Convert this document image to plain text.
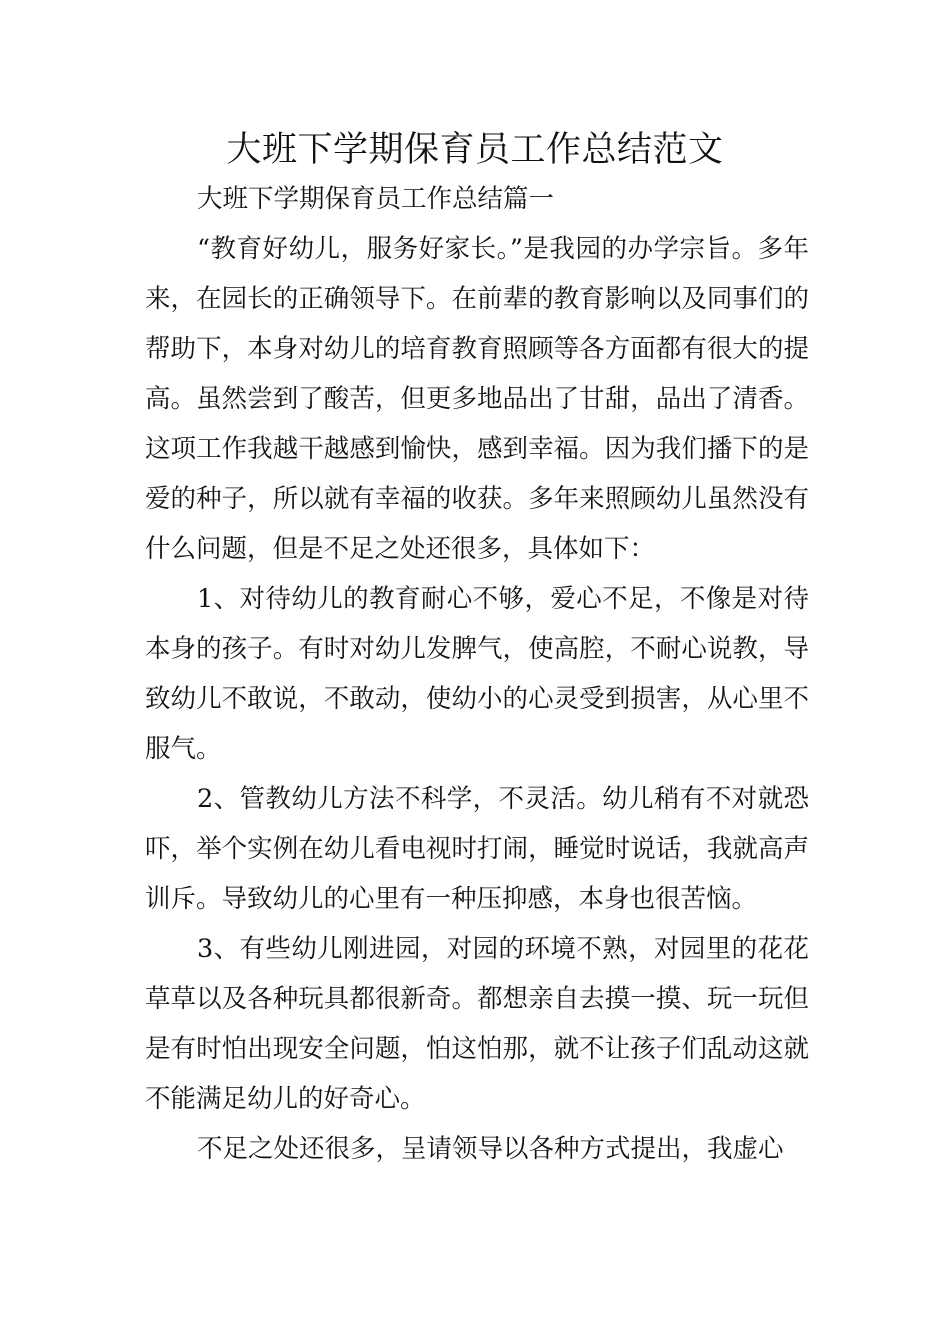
大班下学期保育员工作总结范文

大班下学期保育员工作总结篇一

“教育好幼儿，服务好家长。”是我园的办学宗旨。多年来，在园长的正确领导下。在前辈的教育影响以及同事们的帮助下，本身对幼儿的培育教育照顾等各方面都有很大的提高。虽然尝到了酸苦，但更多地品出了甘甜，品出了清香。这项工作我越干越感到愉快，感到幸福。因为我们播下的是爱的种子，所以就有幸福的收获。多年来照顾幼儿虽然没有什么问题，但是不足之处还很多，具体如下：

1、对待幼儿的教育耐心不够，爱心不足，不像是对待本身的孩子。有时对幼儿发脾气，使高腔，不耐心说教，导致幼儿不敢说，不敢动，使幼小的心灵受到损害，从心里不服气。

2、管教幼儿方法不科学，不灵活。幼儿稍有不对就恐吓，举个实例在幼儿看电视时打闹，睡觉时说话，我就高声训斥。导致幼儿的心里有一种压抑感，本身也很苦恼。

3、有些幼儿刚进园，对园的环境不熟，对园里的花花草草以及各种玩具都很新奇。都想亲自去摸一摸、玩一玩但是有时怕出现安全问题，怕这怕那，就不让孩子们乱动这就不能满足幼儿的好奇心。

不足之处还很多，呈请领导以各种方式提出，我虚心
